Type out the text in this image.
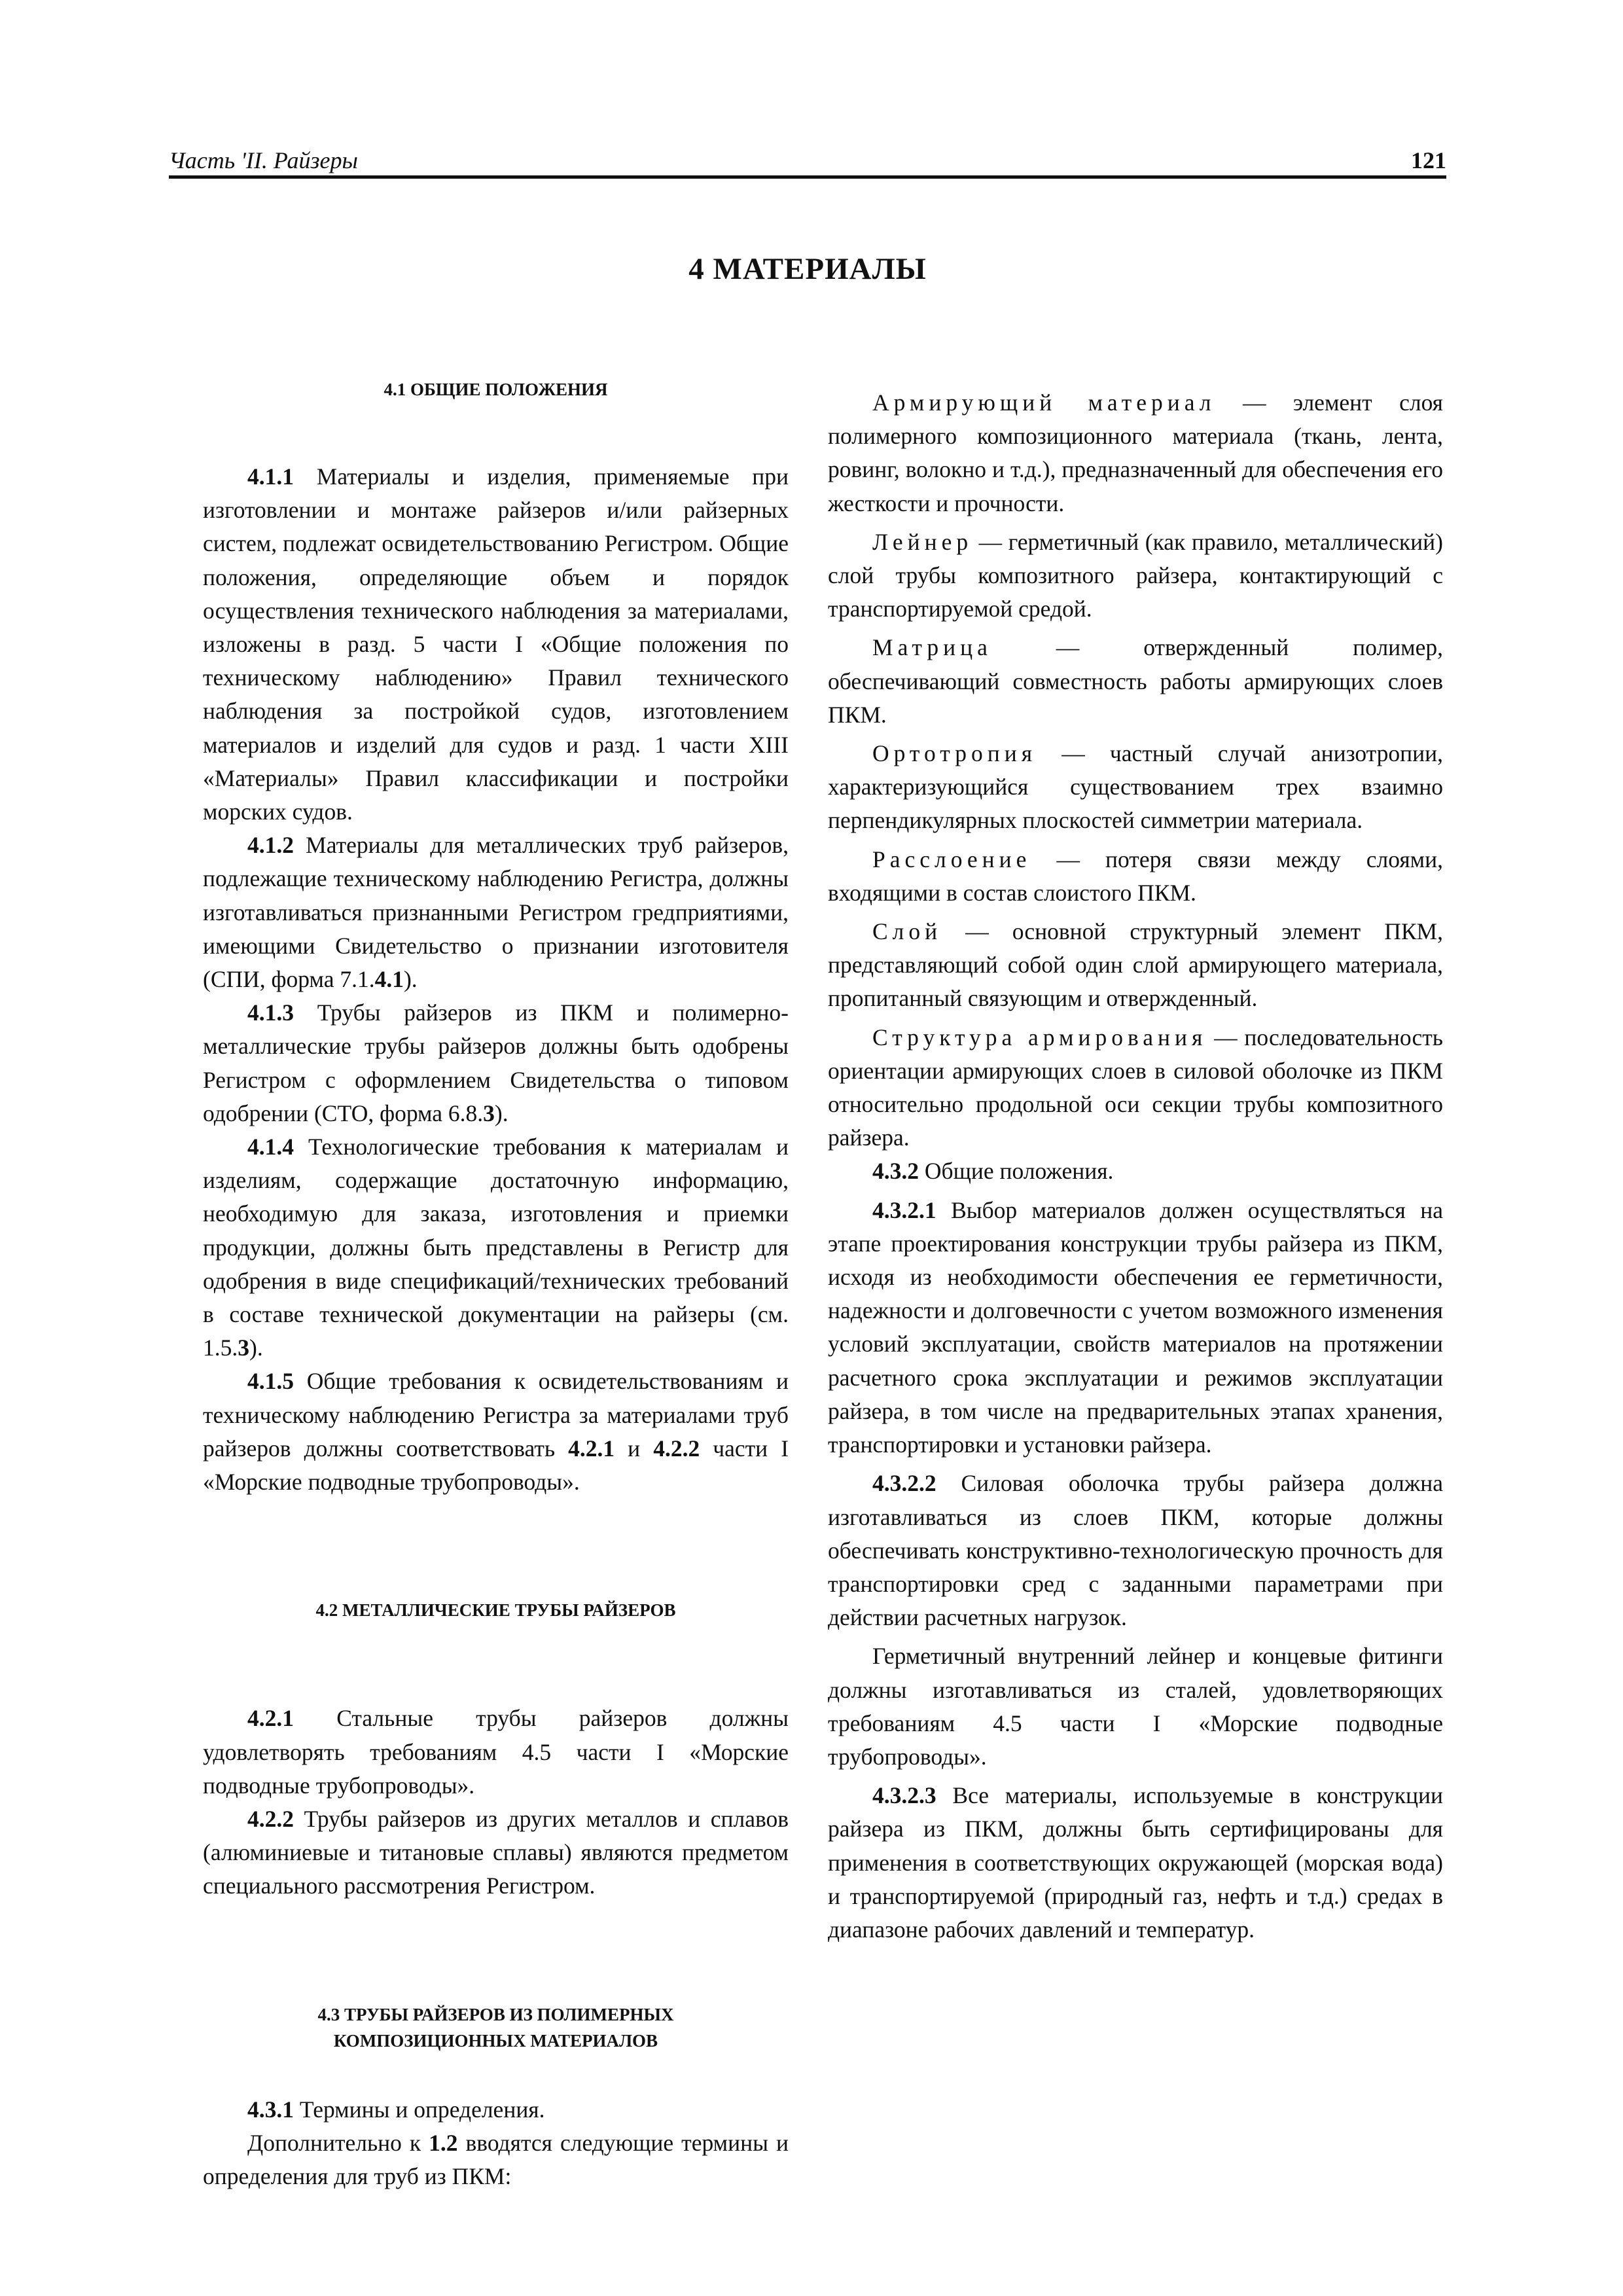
Часть 'II. Райзеры	121
4 МАТЕРИАЛЫ

4.1 ОБЩИЕ ПОЛОЖЕНИЯ

4.1.1 Материалы и изделия, применяемые при изготовлении и монтаже райзеров и/или райзерных систем, подлежат освидетельствованию Регистром. Общие положения, определяющие объем и порядок осуществления технического наблюдения за материалами, изложены в разд. 5 части I «Общие положения по техническому наблюдению» Правил технического наблюдения за постройкой судов, изготовлением материалов и изделий для судов и разд. 1 части XIII «Материалы» Правил классификации и постройки морских судов.

4.1.2 Материалы для металлических труб райзеров, подлежащие техническому наблюдению Регистра, должны изготавливаться признанными Регистром гредприятиями, имеющими Свидетельство о признании изготовителя (СПИ, форма 7.1.4.1).

4.1.3 Трубы райзеров из ПКМ и полимерно-металлические трубы райзеров должны быть одобрены Регистром с оформлением Свидетельства о типовом одобрении (СТО, форма 6.8.3).

4.1.4 Технологические требования к материалам и изделиям, содержащие достаточную информацию, необходимую для заказа, изготовления и приемки продукции, должны быть представлены в Регистр для одобрения в виде спецификаций/технических требований в составе технической документации на райзеры (см. 1.5.3).

4.1.5 Общие требования к освидетельствованиям и техническому наблюдению Регистра за материалами труб райзеров должны соответствовать 4.2.1 и 4.2.2 части I «Морские подводные трубопроводы».

4.2 МЕТАЛЛИЧЕСКИЕ ТРУБЫ РАЙЗЕРОВ

4.2.1 Стальные трубы райзеров должны удовлетворять требованиям 4.5 части I «Морские подводные трубопроводы».

4.2.2 Трубы райзеров из других металлов и сплавов (алюминиевые и титановые сплавы) являются предметом специального рассмотрения Регистром.

4.3 ТРУБЫ РАЙЗЕРОВ ИЗ ПОЛИМЕРНЫХ
КОМПОЗИЦИОННЫХ МАТЕРИАЛОВ

4.3.1 Термины и определения.

Дополнительно к 1.2 вводятся следующие термины и определения для труб из ПКМ:

Армирующий материал — элемент слоя полимерного композиционного материала (ткань, лента, ровинг, волокно и т.д.), предназначенный для обеспечения его жесткости и прочности.

Лейнер — герметичный (как правило, металлический) слой трубы композитного райзера, контактирующий с транспортируемой средой.

Матрица — отвержденный полимер, обеспечивающий совместность работы армирующих слоев ПКМ.

Ортотропия — частный случай анизотропии, характеризующийся существованием трех взаимно перпендикулярных плоскостей симметрии материала.

Расслоение — потеря связи между слоями, входящими в состав слоистого ПКМ.

Слой — основной структурный элемент ПКМ, представляющий собой один слой армирующего материала, пропитанный связующим и отвержденный.

Структура армирования — последовательность ориентации армирующих слоев в силовой оболочке из ПКМ относительно продольной оси секции трубы композитного райзера.

4.3.2 Общие положения.

4.3.2.1 Выбор материалов должен осуществляться на этапе проектирования конструкции трубы райзера из ПКМ, исходя из необходимости обеспечения ее герметичности, надежности и долговечности с учетом возможного изменения условий эксплуатации, свойств материалов на протяжении расчетного срока эксплуатации и режимов эксплуатации райзера, в том числе на предварительных этапах хранения, транспортировки и установки райзера.

4.3.2.2 Силовая оболочка трубы райзера должна изготавливаться из слоев ПКМ, которые должны обеспечивать конструктивно-технологическую прочность для транспортировки сред с заданными параметрами при действии расчетных нагрузок.

Герметичный внутренний лейнер и концевые фитинги должны изготавливаться из сталей, удовлетворяющих требованиям 4.5 части I «Морские подводные трубопроводы».

4.3.2.3 Все материалы, используемые в конструкции райзера из ПКМ, должны быть сертифицированы для применения в соответствующих окружающей (морская вода) и транспортируемой (природный газ, нефть и т.д.) средах в диапазоне рабочих давлений и температур.
